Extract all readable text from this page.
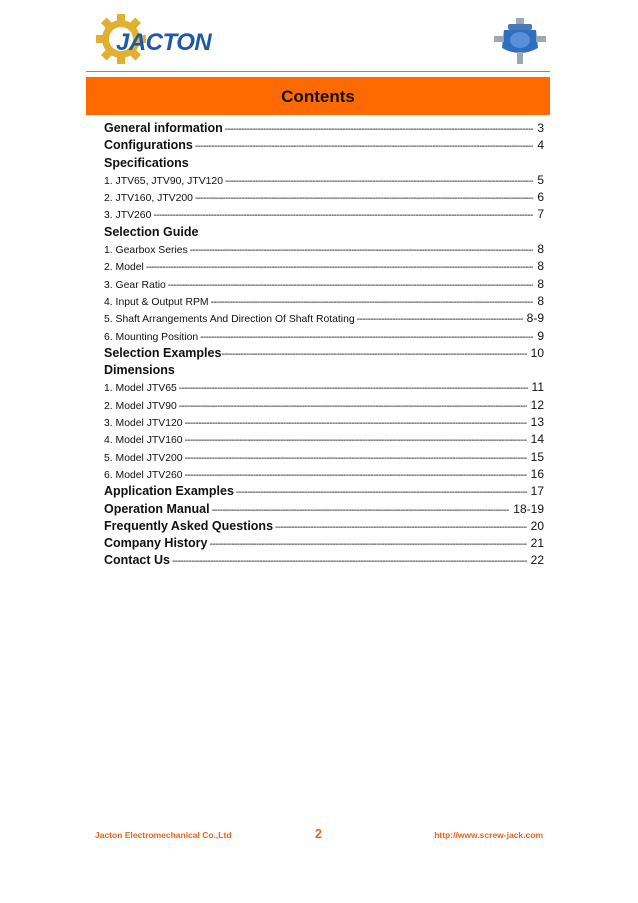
JACTON
Contents
General information -----	3
Configurations -----	4
Specifications
1. JTV65, JTV90, JTV120 -----	5
2. JTV160, JTV200 -----	6
3. JTV260 -----	7
Selection Guide
1. Gearbox Series -----	8
2. Model -----	8
3. Gear Ratio -----	8
4. Input & Output RPM -----	8
5. Shaft Arrangements And Direction Of Shaft Rotating -----	8-9
6. Mounting Position -----	9
Selection Examples -----	10
Dimensions
1. Model JTV65 -----	11
2. Model JTV90 -----	12
3. Model JTV120 -----	13
4. Model JTV160 -----	14
5. Model JTV200 -----	15
6. Model JTV260 -----	16
Application Examples -----	17
Operation Manual -----	18-19
Frequently Asked Questions -----	20
Company History -----	21
Contact Us -----	22
Jacton Electromechanical Co.,Ltd	2	http://www.screw-jack.com
